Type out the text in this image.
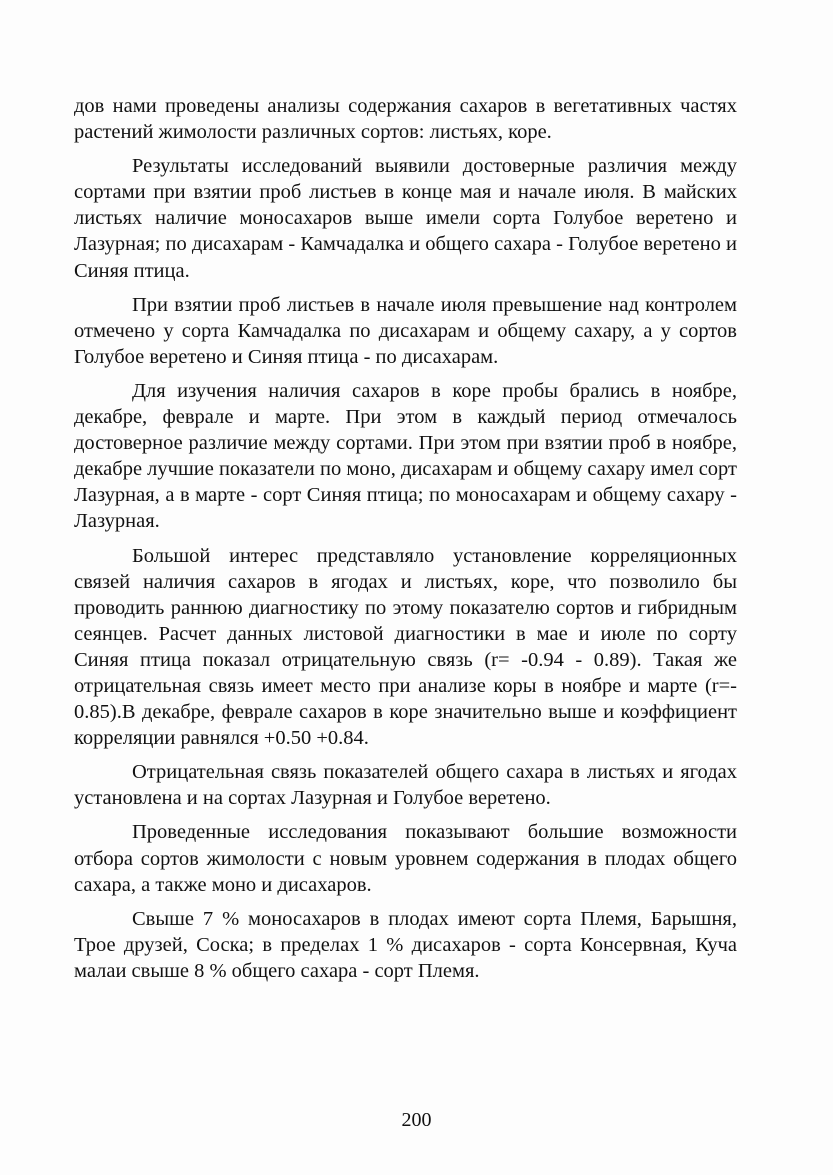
дов нами проведены анализы содержания сахаров в вегетативных частях растений жимолости различных сортов: листьях, коре.

Результаты исследований выявили достоверные различия между сортами при взятии проб листьев в конце мая и начале июля. В майских листьях наличие моносахаров выше имели сорта Голубое веретено и Лазурная; по дисахарам - Камчадалка и общего сахара - Голубое веретено и Синяя птица.

При взятии проб листьев в начале июля превышение над контролем отмечено у сорта Камчадалка по дисахарам и общему сахару, а у сортов Голубое веретено и Синяя птица - по дисахарам.

Для изучения наличия сахаров в коре пробы брались в ноябре, декабре, феврале и марте. При этом в каждый период отмечалось достоверное различие между сортами. При этом при взятии проб в ноябре, декабре лучшие показатели по моно, дисахарам и общему сахару имел сорт Лазурная, а в марте - сорт Синяя птица; по моносахарам и общему сахару - Лазурная.

Большой интерес представляло установление корреляционных связей наличия сахаров в ягодах и листьях, коре, что позволило бы проводить раннюю диагностику по этому показателю сортов и гибридным сеянцев. Расчет данных листовой диагностики в мае и июле по сорту Синяя птица показал отрицательную связь (r= -0.94 - 0.89). Такая же отрицательная связь имеет место при анализе коры в ноябре и марте (r=- 0.85).В декабре, феврале сахаров в коре значительно выше и коэффициент корреляции равнялся +0.50 +0.84.

Отрицательная связь показателей общего сахара в листьях и ягодах установлена и на сортах Лазурная и Голубое веретено.

Проведенные исследования показывают большие возможности отбора сортов жимолости с новым уровнем содержания в плодах общего сахара, а также моно и дисахаров.

Свыше 7 % моносахаров в плодах имеют сорта Племя, Барышня, Трое друзей, Соска; в пределах 1 % дисахаров - сорта Консервная, Куча малаи свыше 8 % общего сахара - сорт Племя.

200
